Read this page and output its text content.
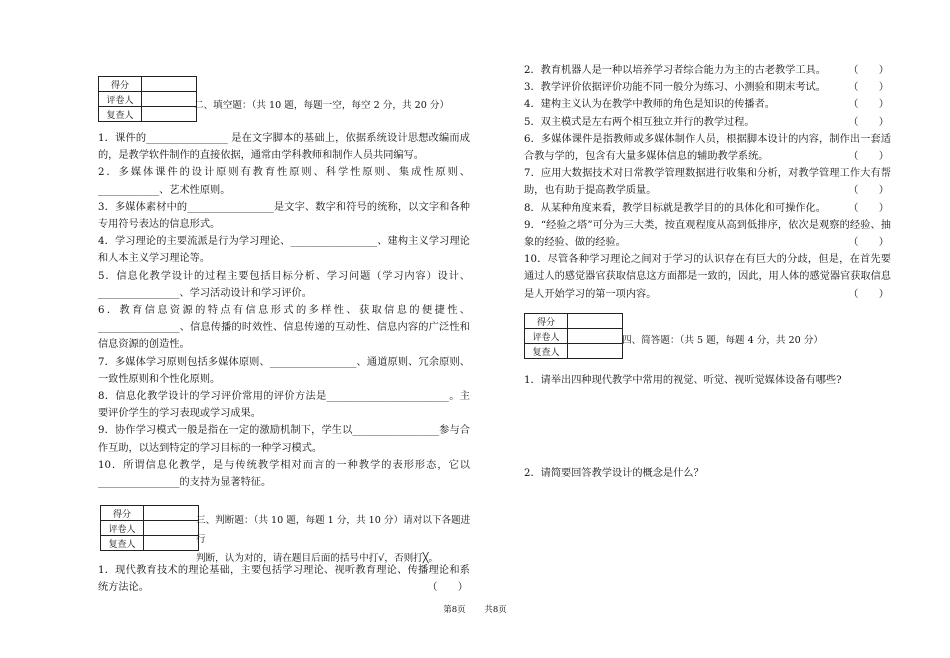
得分	
评卷人	
复查人	
二、填空题：（共 10 题，每题一空，每空 2 分，共 20 分）

1．课件的________________ 是在文字脚本的基础上，依据系统设计思想改编而成的，是教学软件制作的直接依据，通常由学科教师和制作人员共同编写。

2．多媒体课件的设计原则有教育性原则、科学性原则、集成性原则、____________、艺术性原则。

3．多媒体素材中的_________________是文字、数字和符号的统称，以文字和各种专用符号表达的信息形式。

4．学习理论的主要流派是行为学习理论、_________________、建构主义学习理论和人本主义学习理论等。

5．信息化教学设计的过程主要包括目标分析、学习问题（学习内容）设计、________________、学习活动设计和学习评价。

6．教育信息资源的特点有信息形式的多样性、获取信息的便捷性、________________、信息传播的时效性、信息传递的互动性、信息内容的广泛性和信息资源的创造性。

7．多媒体学习原则包括多媒体原则、_________________、通道原则、冗余原则、一致性原则和个性化原则。

8．信息化教学设计的学习评价常用的评价方法是________________________。主要评价学生的学习表现或学习成果。

9．协作学习模式一般是指在一定的激励机制下，学生以_________________参与合作互助，以达到特定的学习目标的一种学习模式。

10．所谓信息化教学，是与传统教学相对而言的一种教学的表形形态，它以________________的支持为显著特征。

得分	
评卷人	
复查人	
三、判断题：（共 10 题，每题 1 分，共 10 分）请对以下各题进行
判断，认为对的，请在题目后面的括号中打√，否则打╳。

1．现代教育技术的理论基础，主要包括学习理论、视听教育理论、传播理论和系统方法论。	（　　）

2．教育机器人是一种以培养学习者综合能力为主的古老教学工具。 （　　）

3．教学评价依据评价功能不同一般分为练习、小测验和期末考试。 （　　）

4．建构主义认为在教学中教师的角色是知识的传播者。	（　　）

5．双主模式是左右两个相互独立并行的教学过程。	（　　）

6．多媒体课件是指教师或多媒体制作人员，根据脚本设计的内容，制作出一套适合教与学的，包含有大量多媒体信息的辅助教学系统。	（　　）

7．应用大数据技术对日常教学管理数据进行收集和分析，对教学管理工作大有帮助，也有助于提高教学质量。	（　　）

8．从某种角度来看，教学目标就是教学目的的具体化和可操作化。 （　　）

9．“经验之塔”可分为三大类，按直观程度从高到低排序，依次是观察的经验、抽象的经验、做的经验。	（　　）

10．尽管各种学习理论之间对于学习的认识存在有巨大的分歧，但是，在首先要通过人的感觉器官获取信息这方面都是一致的，因此，用人体的感觉器官获取信息是人开始学习的第一项内容。	（　　）

得分	
评卷人	
复查人	
四、简答题：（共 5 题，每题 4 分，共 20 分）

1．请举出四种现代教学中常用的视觉、听觉、视听觉媒体设备有哪些?

2．请简要回答教学设计的概念是什么？

第8页 共8页
